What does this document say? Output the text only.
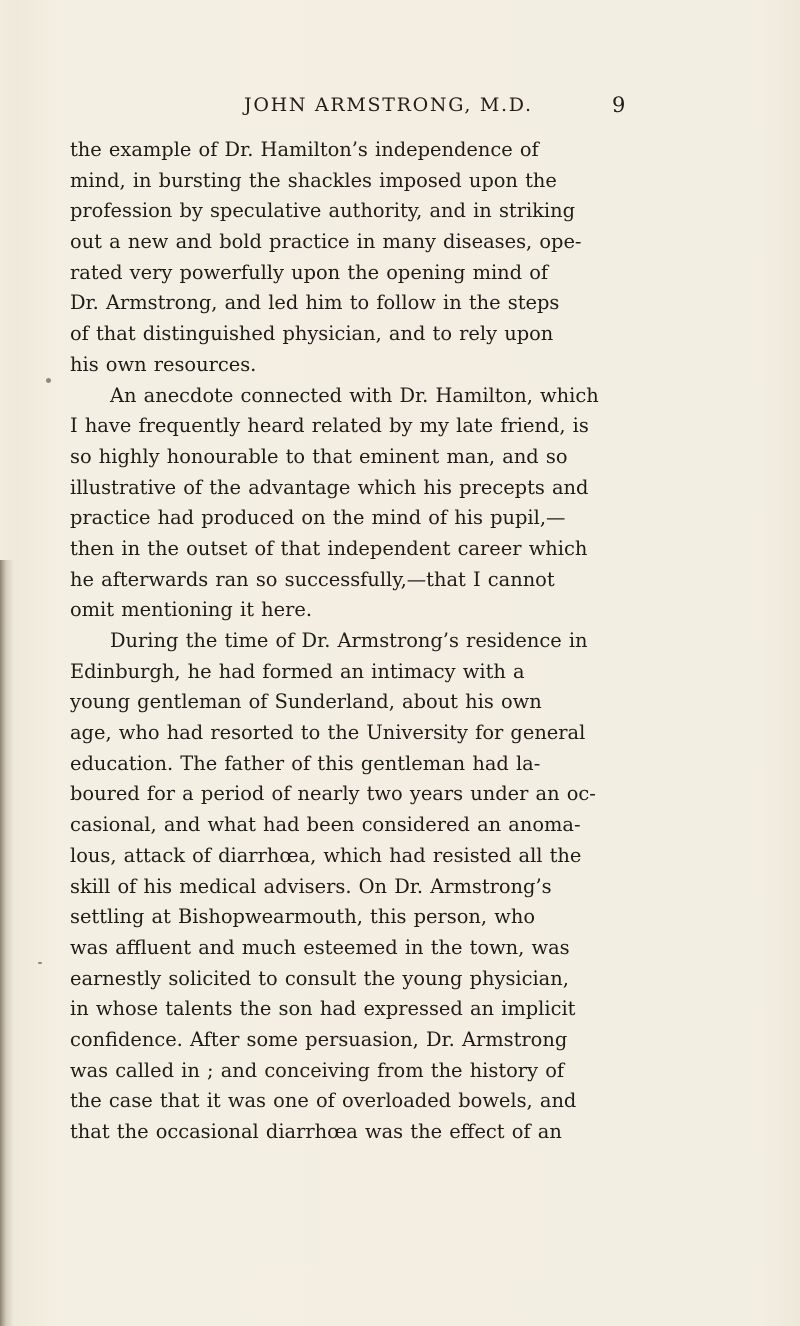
JOHN ARMSTRONG, M.D.	9
the example of Dr. Hamilton’s independence of
mind, in bursting the shackles imposed upon the
profession by speculative authority, and in striking
out a new and bold practice in many diseases, ope-
rated very powerfully upon the opening mind of
Dr. Armstrong, and led him to follow in the steps
of that distinguished physician, and to rely upon
his own resources.
An anecdote connected with Dr. Hamilton, which
I have frequently heard related by my late friend, is
so highly honourable to that eminent man, and so
illustrative of the advantage which his precepts and
practice had produced on the mind of his pupil,—
then in the outset of that independent career which
he afterwards ran so successfully,—that I cannot
omit mentioning it here.
During the time of Dr. Armstrong’s residence in
Edinburgh, he had formed an intimacy with a
young gentleman of Sunderland, about his own
age, who had resorted to the University for general
education. The father of this gentleman had la-
boured for a period of nearly two years under an oc-
casional, and what had been considered an anoma-
lous, attack of diarrhœa, which had resisted all the
skill of his medical advisers. On Dr. Armstrong’s
settling at Bishopwearmouth, this person, who
was affluent and much esteemed in the town, was
earnestly solicited to consult the young physician,
in whose talents the son had expressed an implicit
confidence. After some persuasion, Dr. Armstrong
was called in ; and conceiving from the history of
the case that it was one of overloaded bowels, and
that the occasional diarrhœa was the effect of an
